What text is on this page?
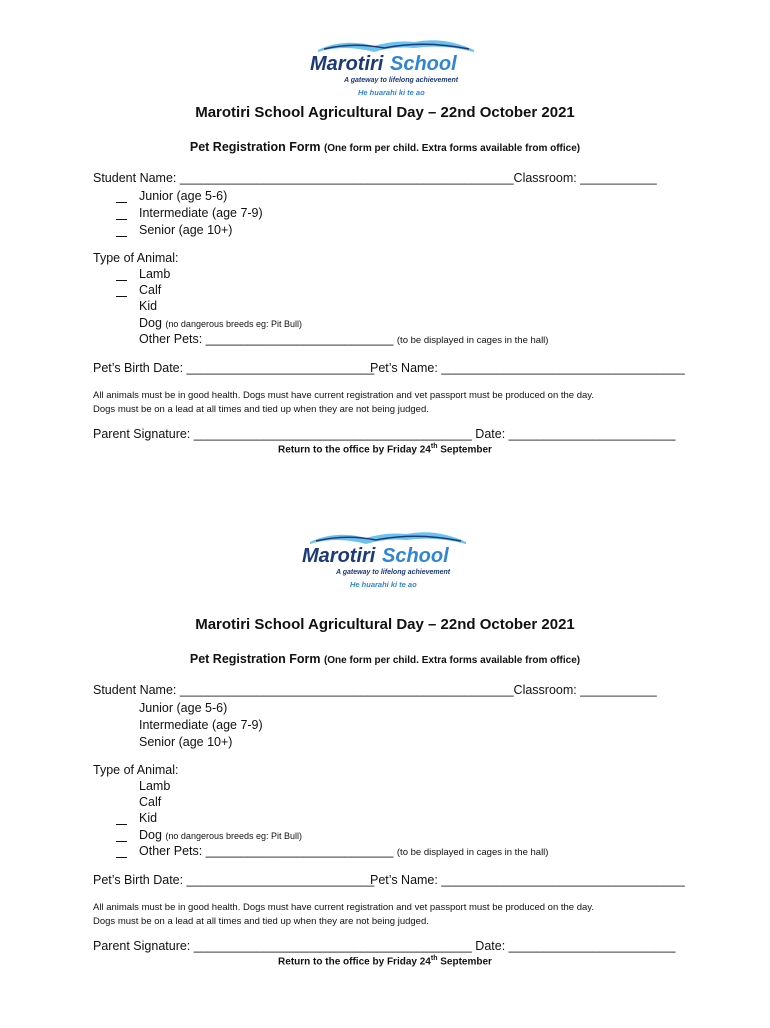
Marotiri School
A gateway to lifelong achievement
He huarahi ki te ao
Marotiri School Agricultural Day – 22nd October 2021
Pet Registration Form (One form per child. Extra forms available from office)
Student Name: ________________________________________________Classroom: ___________
Junior (age 5-6)
Intermediate (age 7-9)
Senior (age 10+)
Type of Animal:
Lamb
Calf
Kid
Dog (no dangerous breeds eg: Pit Bull)
Other Pets: ___________________________ (to be displayed in cages in the hall)
Pet’s Birth Date: ___________________________
Pet’s Name: ___________________________________
All animals must be in good health. Dogs must have current registration and vet passport must be produced on the day.
Dogs must be on a lead at all times and tied up when they are not being judged.
Parent Signature: ________________________________________ Date: ________________________
Return to the office by Friday 24th September
Marotiri School
A gateway to lifelong achievement
He huarahi ki te ao
Marotiri School Agricultural Day – 22nd October 2021
Pet Registration Form (One form per child. Extra forms available from office)
Student Name: ________________________________________________Classroom: ___________
Junior (age 5-6)
Intermediate (age 7-9)
Senior (age 10+)
Type of Animal:
Lamb
Calf
Kid
Dog (no dangerous breeds eg: Pit Bull)
Other Pets: ___________________________ (to be displayed in cages in the hall)
Pet’s Birth Date: ___________________________
Pet’s Name: ___________________________________
All animals must be in good health. Dogs must have current registration and vet passport must be produced on the day.
Dogs must be on a lead at all times and tied up when they are not being judged.
Parent Signature: ________________________________________ Date: ________________________
Return to the office by Friday 24th September
